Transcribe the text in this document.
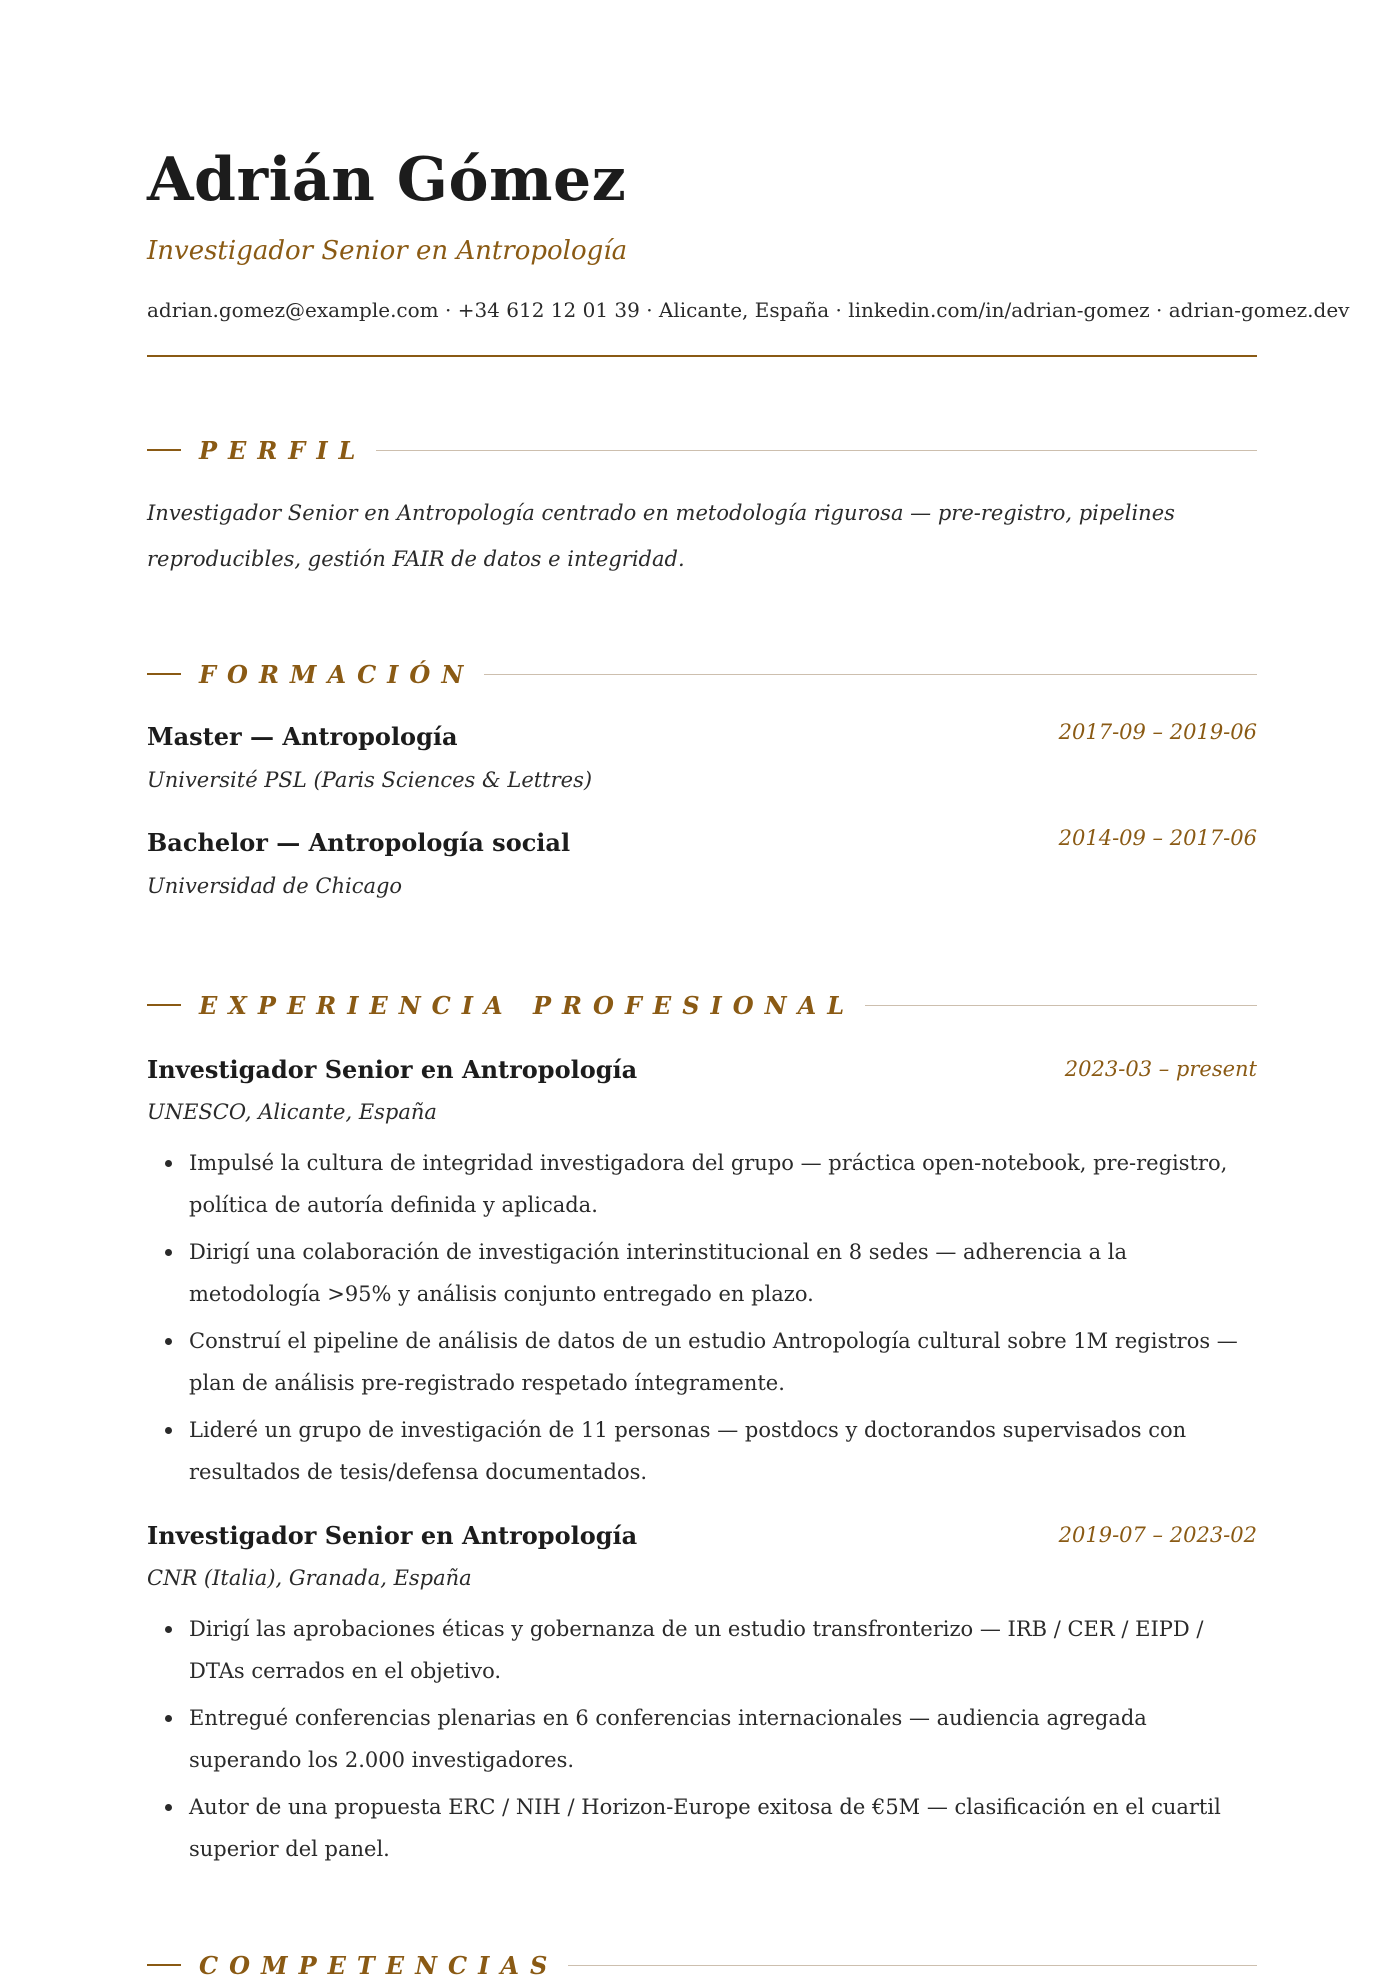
Adrián Gómez
Investigador Senior en Antropología
adrian.gomez@example.com · +34 612 12 01 39 · Alicante, España · linkedin.com/in/adrian-gomez · adrian-gomez.dev
PERFIL

Investigador Senior en Antropología centrado en metodología rigurosa — pre-registro, pipelines reproducibles, gestión FAIR de datos e integridad.

FORMACIÓN
Master — Antropología	2017-09 – 2019-06
Université PSL (Paris Sciences & Lettres)
Bachelor — Antropología social	2014-09 – 2017-06
Universidad de Chicago
EXPERIENCIA PROFESIONAL
Investigador Senior en Antropología	2023-03 – present
UNESCO, Alicante, España
Impulsé la cultura de integridad investigadora del grupo — práctica open-notebook, pre-registro, política de autoría definida y aplicada.
Dirigí una colaboración de investigación interinstitucional en 8 sedes — adherencia a la metodología >95% y análisis conjunto entregado en plazo.
Construí el pipeline de análisis de datos de un estudio Antropología cultural sobre 1M registros — plan de análisis pre-registrado respetado íntegramente.
Lideré un grupo de investigación de 11 personas — postdocs y doctorandos supervisados con resultados de tesis/defensa documentados.
Investigador Senior en Antropología	2019-07 – 2023-02
CNR (Italia), Granada, España
Dirigí las aprobaciones éticas y gobernanza de un estudio transfronterizo — IRB / CER / EIPD / DTAs cerrados en el objetivo.
Entregué conferencias plenarias en 6 conferencias internacionales — audiencia agregada superando los 2.000 investigadores.
Autor de una propuesta ERC / NIH / Horizon-Europe exitosa de €5M — clasificación en el cuartil superior del panel.
COMPETENCIAS
